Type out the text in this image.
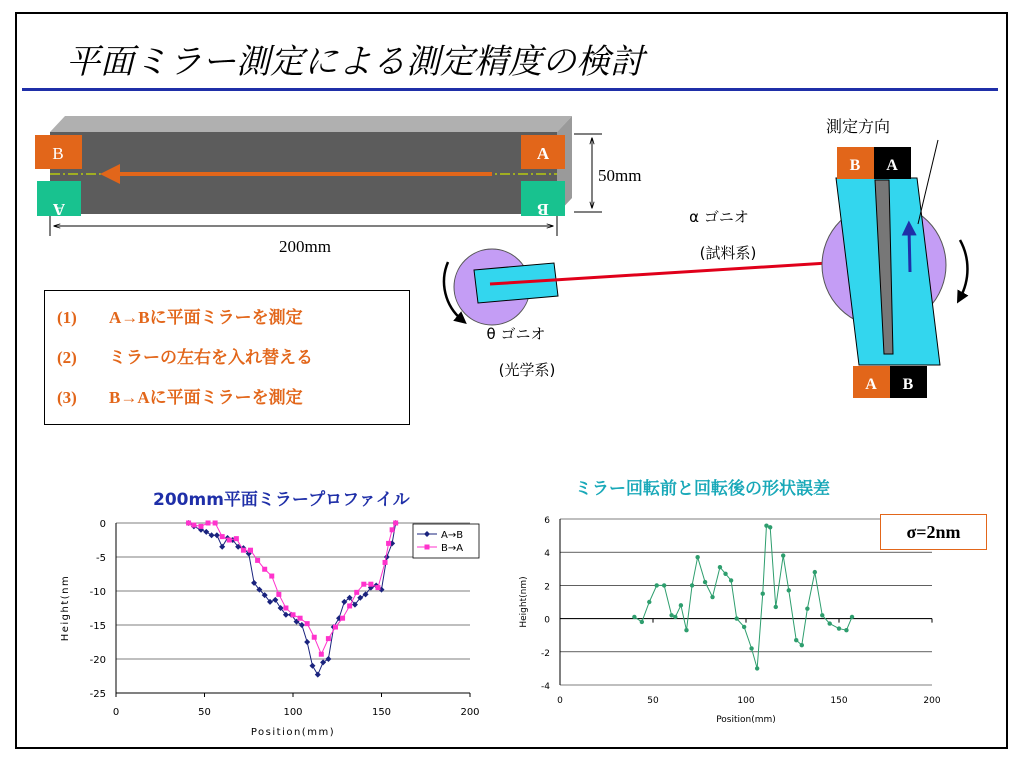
平面ミラー測定による測定精度の検討
50mm
200mm
B	A
A	B
θ ゴニオ
(光学系)
α ゴニオ
(試料系)
測定方向
B A
A B
(1) A→Bに平面ミラーを測定
(2) ミラーの左右を入れ替える
(3) B→Aに平面ミラーを測定
200mm平面ミラープロファイル
ミラー回転前と回転後の形状誤差
0
-5
-10
-15
-20
-25
0	50	100	150	200
Position(mm)
Height(nm
A→B
B→A
6
4
2
0
-2
-4
0	50	100	150	200
Position(mm)
Height(nm)
σ=2nm
